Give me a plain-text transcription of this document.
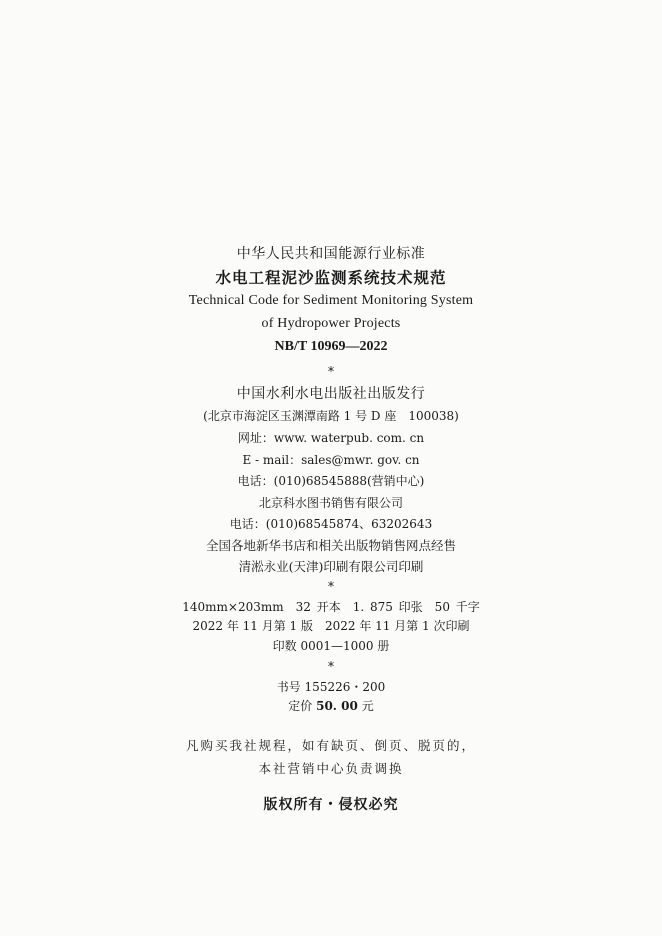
中华人民共和国能源行业标准
水电工程泥沙监测系统技术规范
Technical Code for Sediment Monitoring System
of Hydropower Projects
NB/T 10969—2022
*
中国水利水电出版社出版发行
(北京市海淀区玉渊潭南路 1 号 D 座　100038)
网址：www. waterpub. com. cn
E - mail：sales@mwr. gov. cn
电话：(010)68545888(营销中心)
北京科水图书销售有限公司
电话：(010)68545874、63202643
全国各地新华书店和相关出版物销售网点经售
清淞永业(天津)印刷有限公司印刷
*
140mm×203mm　32 开本　1. 875 印张　50 千字
2022 年 11 月第 1 版　2022 年 11 月第 1 次印刷
印数 0001—1000 册
*
书号 155226・200
定价 50. 00 元
凡购买我社规程，如有缺页、倒页、脱页的，
本社营销中心负责调换
版权所有・侵权必究
